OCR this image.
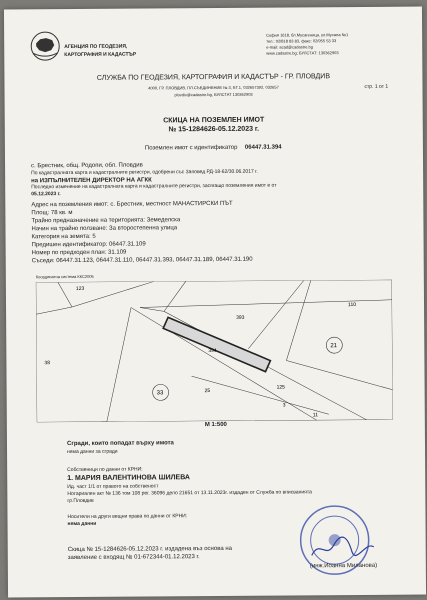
АГЕНЦИЯ ПО ГЕОДЕЗИЯ,
КАРТОГРАФИЯ И КАДАСТЪР
София 1618, бл.Мусагеница, ул.Мусала №1
тел.: 02/818 83 83, факс: 02/955 53 33
e-mail: acad@cadastre.bg
www.cadastre.bg; БУЛСТАТ: 130362903
стр. 1 от 1
СЛУЖБА ПО ГЕОДЕЗИЯ, КАРТОГРАФИЯ И КАДАСТЪР - ГР. ПЛОВДИВ
4000, ГР. ПЛОВДИВ, ПЛ.СЪЕДИНЕНИЕ № 3, ЕТ.1, 032657392, 032657
plovdiv@cadastre.bg, БУЛСТАТ 130362903
СКИЦА НА ПОЗЕМЛЕН ИМОТ
№ 15-1284626-05.12.2023 г.
Поземлен имот с идентификатор 06447.31.394
с. Брестник, общ. Родопи, обл. Пловдив
По кадастралната карта и кадастралните регистри, одобрени със Заповед РД-18-62/30.06.2017 г.
на ИЗПЪЛНИТЕЛЕН ДИРЕКТОР НА АГКК
Последно изменение на кадастралната карта и кадастралните регистри, засягащо поземления имот е от
05.12.2023 г.
Адрес на поземления имот: с. Брестник, местност МАНАСТИРСКИ ПЪТ
Площ: 78 кв. м
Трайно предназначение на територията: Земеделска
Начин на трайно ползване: За второстепенна улица
Категория на земята: 5
Предишен идентификатор: 06447.31.109
Номер по предходен план: 31.109
Съседи: 06447.31.123, 06447.31.110, 06447.31.393, 06447.31.189, 06447.31.190
Координатна система ККС2005
123
110
393
394
21
33
38
25
125
3
11
М 1:500
Сгради, които попадат върху имота
няма данни за сгради
Собственици по данни от КРНИ:
1. МАРИЯ ВАЛЕНТИНОВА ШИЛЕВА
Ид. част 1/1 от правото на собственост
Нотариален акт № 136 том 108 рег. 36096 дело 21651 от 13.11.2023г. издаден от Служба по вписванията
гр.Пловдив
Носители на други вещни права по данни от КРНИ:
няма данни
Скица № 15-1284626-05.12.2023 г. издадена въз основа на
заявление с входящ № 01-672344-01.12.2023 г.
(инж.Иоанна Миланова)
